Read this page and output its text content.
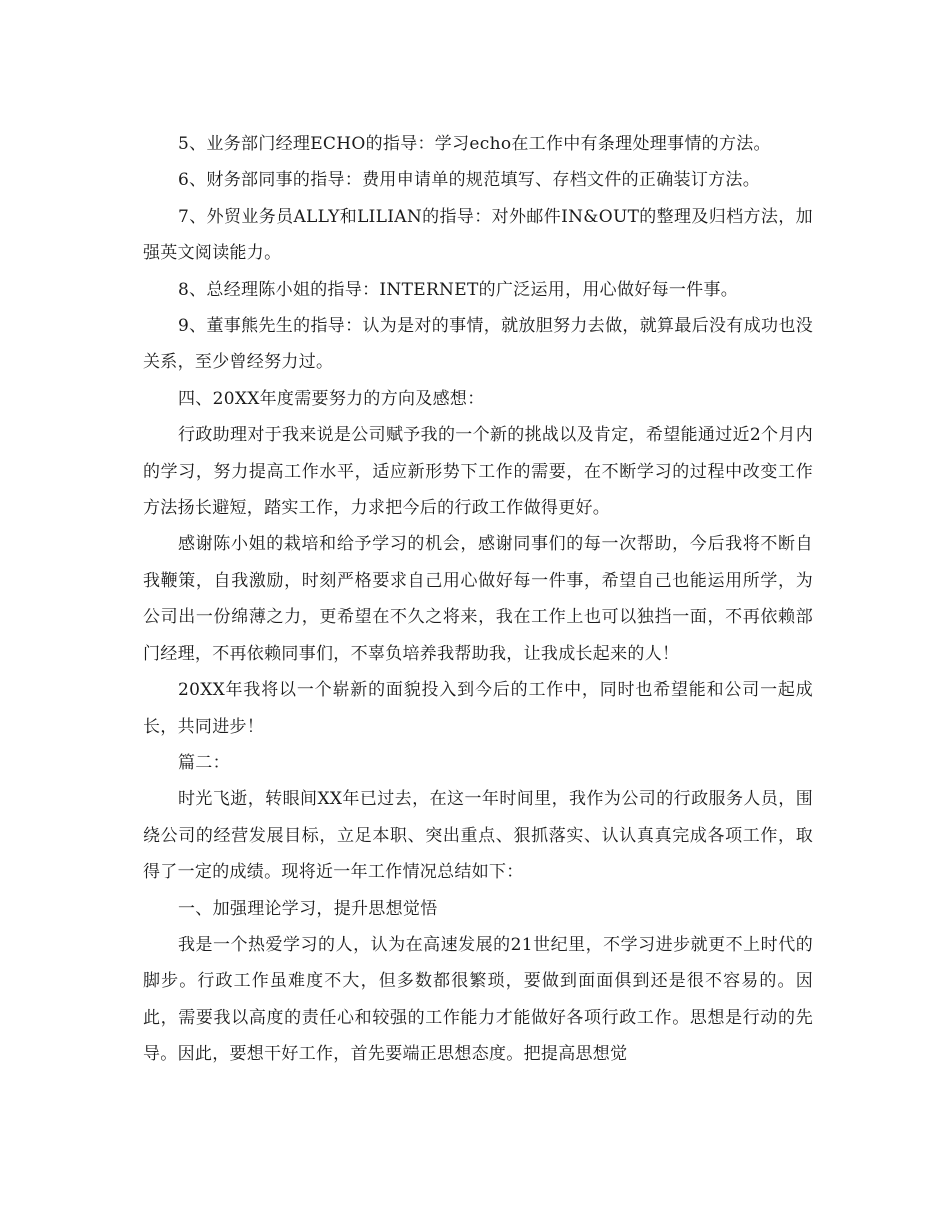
5、业务部门经理ECHO的指导：学习echo在工作中有条理处理事情的方法。

6、财务部同事的指导：费用申请单的规范填写、存档文件的正确装订方法。

7、外贸业务员ALLY和LILIAN的指导：对外邮件IN&OUT的整理及归档方法，加强英文阅读能力。

8、总经理陈小姐的指导：INTERNET的广泛运用，用心做好每一件事。

9、董事熊先生的指导：认为是对的事情，就放胆努力去做，就算最后没有成功也没关系，至少曾经努力过。

四、20XX年度需要努力的方向及感想：

行政助理对于我来说是公司赋予我的一个新的挑战以及肯定，希望能通过近2个月内的学习，努力提高工作水平，适应新形势下工作的需要，在不断学习的过程中改变工作方法扬长避短，踏实工作，力求把今后的行政工作做得更好。

感谢陈小姐的栽培和给予学习的机会，感谢同事们的每一次帮助，今后我将不断自我鞭策，自我激励，时刻严格要求自己用心做好每一件事，希望自己也能运用所学，为公司出一份绵薄之力，更希望在不久之将来，我在工作上也可以独挡一面，不再依赖部门经理，不再依赖同事们，不辜负培养我帮助我，让我成长起来的人！

20XX年我将以一个崭新的面貌投入到今后的工作中，同时也希望能和公司一起成长，共同进步！

篇二：

时光飞逝，转眼间XX年已过去，在这一年时间里，我作为公司的行政服务人员，围绕公司的经营发展目标，立足本职、突出重点、狠抓落实、认认真真完成各项工作，取得了一定的成绩。现将近一年工作情况总结如下：

一、加强理论学习，提升思想觉悟

我是一个热爱学习的人，认为在高速发展的21世纪里，不学习进步就更不上时代的脚步。行政工作虽难度不大，但多数都很繁琐，要做到面面俱到还是很不容易的。因此，需要我以高度的责任心和较强的工作能力才能做好各项行政工作。思想是行动的先导。因此，要想干好工作，首先要端正思想态度。把提高思想觉
